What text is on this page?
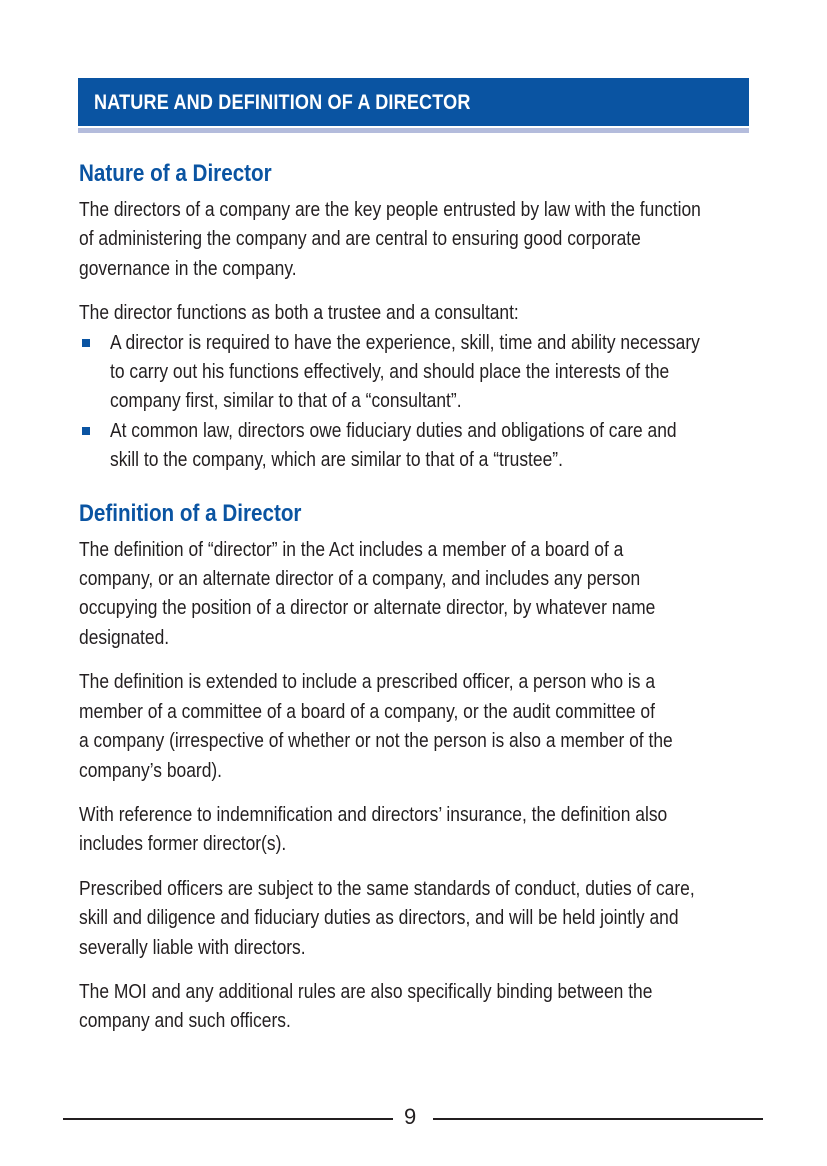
NATURE AND DEFINITION OF A DIRECTOR
Nature of a Director
The directors of a company are the key people entrusted by law with the function
of administering the company and are central to ensuring good corporate
governance in the company.
The director functions as both a trustee and a consultant:
A director is required to have the experience, skill, time and ability necessary
to carry out his functions effectively, and should place the interests of the
company first, similar to that of a “consultant”.
At common law, directors owe fiduciary duties and obligations of care and
skill to the company, which are similar to that of a “trustee”.
Definition of a Director
The definition of “director” in the Act includes a member of a board of a
company, or an alternate director of a company, and includes any person
occupying the position of a director or alternate director, by whatever name
designated.
The definition is extended to include a prescribed officer, a person who is a
member of a committee of a board of a company, or the audit committee of
a company (irrespective of whether or not the person is also a member of the
company’s board).
With reference to indemnification and directors’ insurance, the definition also
includes former director(s).
Prescribed officers are subject to the same standards of conduct, duties of care,
skill and diligence and fiduciary duties as directors, and will be held jointly and
severally liable with directors.
The MOI and any additional rules are also specifically binding between the
company and such officers.
9
